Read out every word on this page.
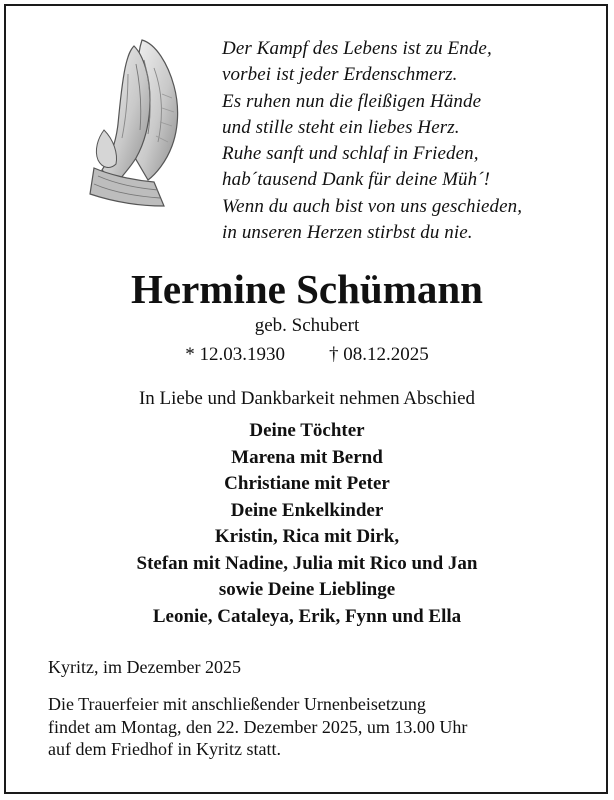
Der Kampf des Lebens ist zu Ende,
vorbei ist jeder Erdenschmerz.
Es ruhen nun die fleißigen Hände
und stille steht ein liebes Herz.
Ruhe sanft und schlaf in Frieden,
hab´tausend Dank für deine Müh´!
Wenn du auch bist von uns geschieden,
in unseren Herzen stirbst du nie.
Hermine Schümann
geb. Schubert
* 12.03.1930 † 08.12.2025
In Liebe und Dankbarkeit nehmen Abschied
Deine Töchter
Marena mit Bernd
Christiane mit Peter
Deine Enkelkinder
Kristin, Rica mit Dirk,
Stefan mit Nadine, Julia mit Rico und Jan
sowie Deine Lieblinge
Leonie, Cataleya, Erik, Fynn und Ella
Kyritz, im Dezember 2025
Die Trauerfeier mit anschließender Urnenbeisetzung
findet am Montag, den 22. Dezember 2025, um 13.00 Uhr
auf dem Friedhof in Kyritz statt.
